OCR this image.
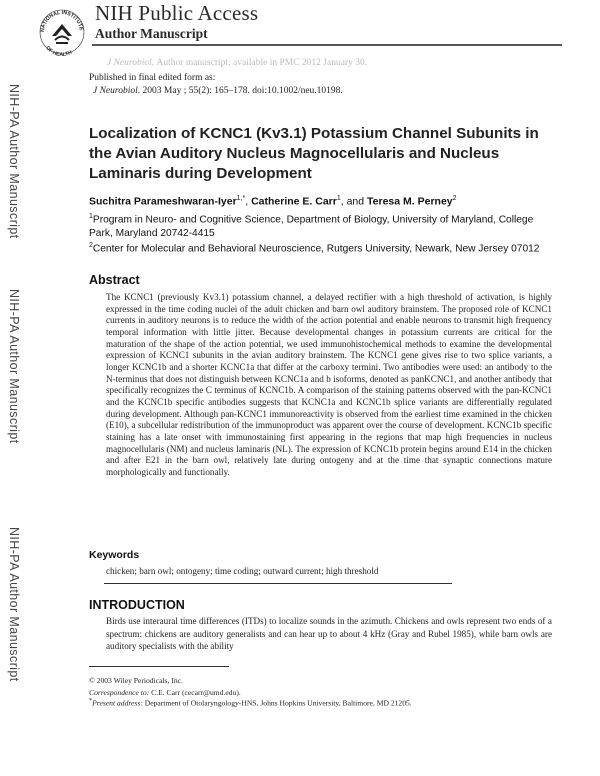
NATIONAL INSTITUTE
OF HEALTH
NIH Public Access
Author Manuscript
J Neurobiol. Author manuscript; available in PMC 2012 January 30.
NIH-PA Author Manuscript
NIH-PA Author Manuscript
NIH-PA Author Manuscript
Published in final edited form as:
J Neurobiol. 2003 May ; 55(2): 165–178. doi:10.1002/neu.10198.
Localization of KCNC1 (Kv3.1) Potassium Channel Subunits in the Avian Auditory Nucleus Magnocellularis and Nucleus Laminaris during Development
Suchitra Parameshwaran-Iyer$^{1,*}$, Catherine E. Carr$^1$, and Teresa M. Perney$^2$
$^1$Program in Neuro- and Cognitive Science, Department of Biology, University of Maryland, College Park, Maryland 20742-4415
$^2$Center for Molecular and Behavioral Neuroscience, Rutgers University, Newark, New Jersey 07012
Abstract
The KCNC1 (previously Kv3.1) potassium channel, a delayed rectifier with a high threshold of activation, is highly expressed in the time coding nuclei of the adult chicken and barn owl auditory brainstem. The proposed role of KCNC1 currents in auditory neurons is to reduce the width of the action potential and enable neurons to transmit high frequency temporal information with little jitter. Because developmental changes in potassium currents are critical for the maturation of the shape of the action potential, we used immunohistochemical methods to examine the developmental expression of KCNC1 subunits in the avian auditory brainstem. The KCNC1 gene gives rise to two splice variants, a longer KCNC1b and a shorter KCNC1a that differ at the carboxy termini. Two antibodies were used: an antibody to the N-terminus that does not distinguish between KCNC1a and b isoforms, denoted as panKCNC1, and another antibody that specifically recognizes the C terminus of KCNC1b. A comparison of the staining patterns observed with the pan-KCNC1 and the KCNC1b specific antibodies suggests that KCNC1a and KCNC1b splice variants are differentially regulated during development. Although pan-KCNC1 immunoreactivity is observed from the earliest time examined in the chicken (E10), a subcellular redistribution of the immunoproduct was apparent over the course of development. KCNC1b specific staining has a late onset with immunostaining first appearing in the regions that map high frequencies in nucleus magnocellularis (NM) and nucleus laminaris (NL). The expression of KCNC1b protein begins around E14 in the chicken and after E21 in the barn owl, relatively late during ontogeny and at the time that synaptic connections mature morphologically and functionally.
Keywords
chicken; barn owl; ontogeny; time coding; outward current; high threshold
INTRODUCTION
Birds use interaural time differences (ITDs) to localize sounds in the azimuth. Chickens and owls represent two ends of a spectrum: chickens are auditory generalists and can hear up to about 4 kHz (Gray and Rubel 1985), while barn owls are auditory specialists with the ability
© 2003 Wiley Periodicals, Inc.
Correspondence to: C.E. Carr (cecarr@umd.edu).
*Present address: Department of Otolaryngology-HNS, Johns Hopkins University, Baltimore, MD 21205.
